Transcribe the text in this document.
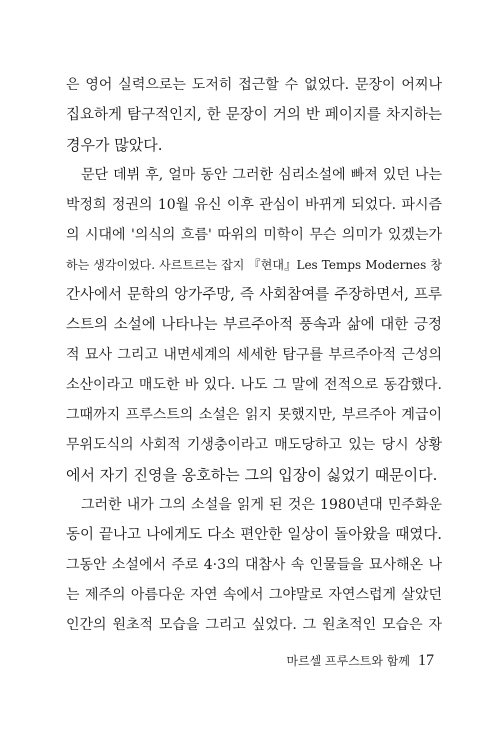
은 영어 실력으로는 도저히 접근할 수 없었다. 문장이 어찌나
집요하게 탐구적인지, 한 문장이 거의 반 페이지를 차지하는
경우가 많았다.
문단 데뷔 후, 얼마 동안 그러한 심리소설에 빠져 있던 나는
박정희 정권의 10월 유신 이후 관심이 바뀌게 되었다. 파시즘
의 시대에 '의식의 흐름' 따위의 미학이 무슨 의미가 있겠는가
하는 생각이었다. 사르트르는 잡지 『현대』Les Temps Modernes 창
간사에서 문학의 앙가주망, 즉 사회참여를 주장하면서, 프루
스트의 소설에 나타나는 부르주아적 풍속과 삶에 대한 긍정
적 묘사 그리고 내면세계의 세세한 탐구를 부르주아적 근성의
소산이라고 매도한 바 있다. 나도 그 말에 전적으로 동감했다.
그때까지 프루스트의 소설은 읽지 못했지만, 부르주아 계급이
무위도식의 사회적 기생충이라고 매도당하고 있는 당시 상황
에서 자기 진영을 옹호하는 그의 입장이 싫었기 때문이다.
그러한 내가 그의 소설을 읽게 된 것은 1980년대 민주화운
동이 끝나고 나에게도 다소 편안한 일상이 돌아왔을 때였다.
그동안 소설에서 주로 4·3의 대참사 속 인물들을 묘사해온 나
는 제주의 아름다운 자연 속에서 그야말로 자연스럽게 살았던
인간의 원초적 모습을 그리고 싶었다. 그 원초적인 모습은 자
마르셀 프루스트와 함께 17
